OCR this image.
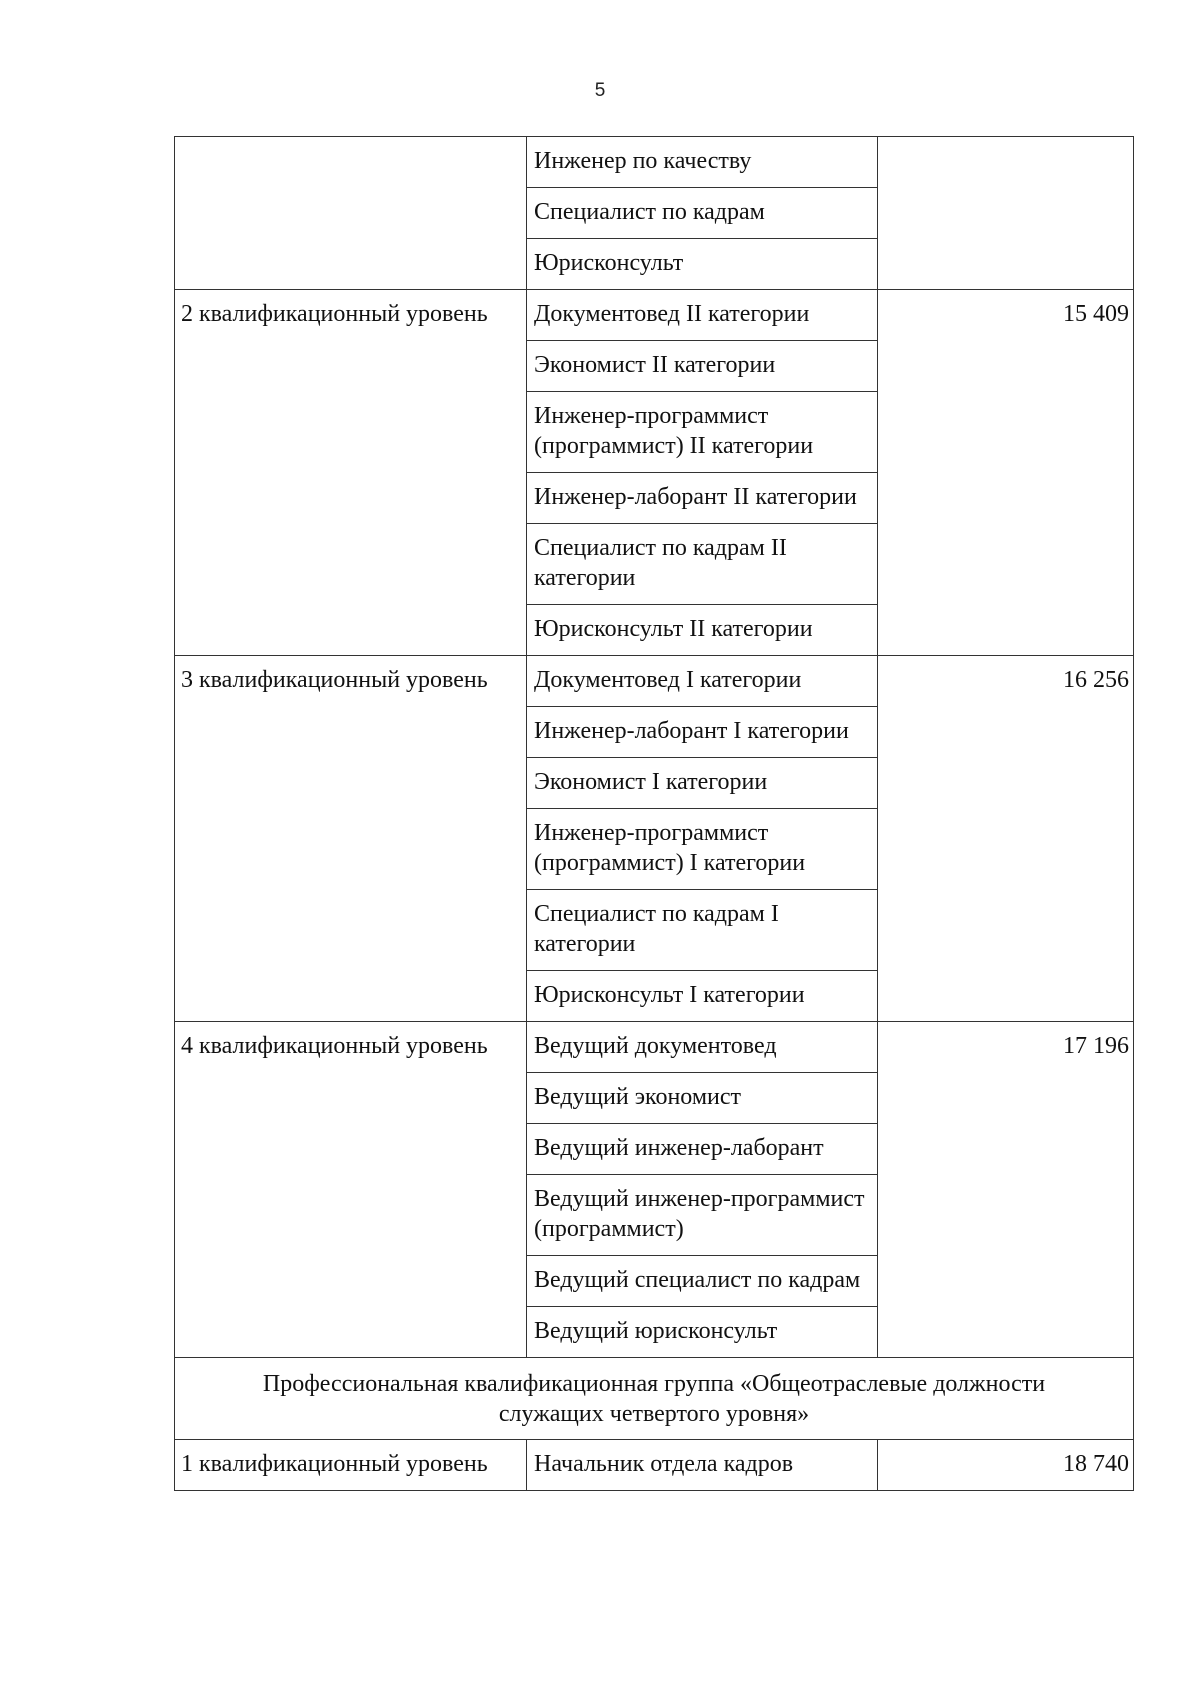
5
	Инженер по качеству	
	Специалист по кадрам	
	Юрисконсульт	
2 квалификационный уровень	Документовед II категории	15 409
	Экономист II категории	
	Инженер-программист (программист) II категории	
	Инженер-лаборант II категории	
	Специалист по кадрам II категории	
	Юрисконсульт II категории	
3 квалификационный уровень	Документовед I категории	16 256
	Инженер-лаборант I категории	
	Экономист I категории	
	Инженер-программист (программист) I категории	
	Специалист по кадрам I категории	
	Юрисконсульт I категории	
4 квалификационный уровень	Ведущий документовед	17 196
	Ведущий экономист	
	Ведущий инженер-лаборант	
	Ведущий инженер-программист (программист)	
	Ведущий специалист по кадрам	
	Ведущий юрисконсульт	
Профессиональная квалификационная группа «Общеотраслевые должности служащих четвертого уровня»		
1 квалификационный уровень	Начальник отдела кадров	18 740
